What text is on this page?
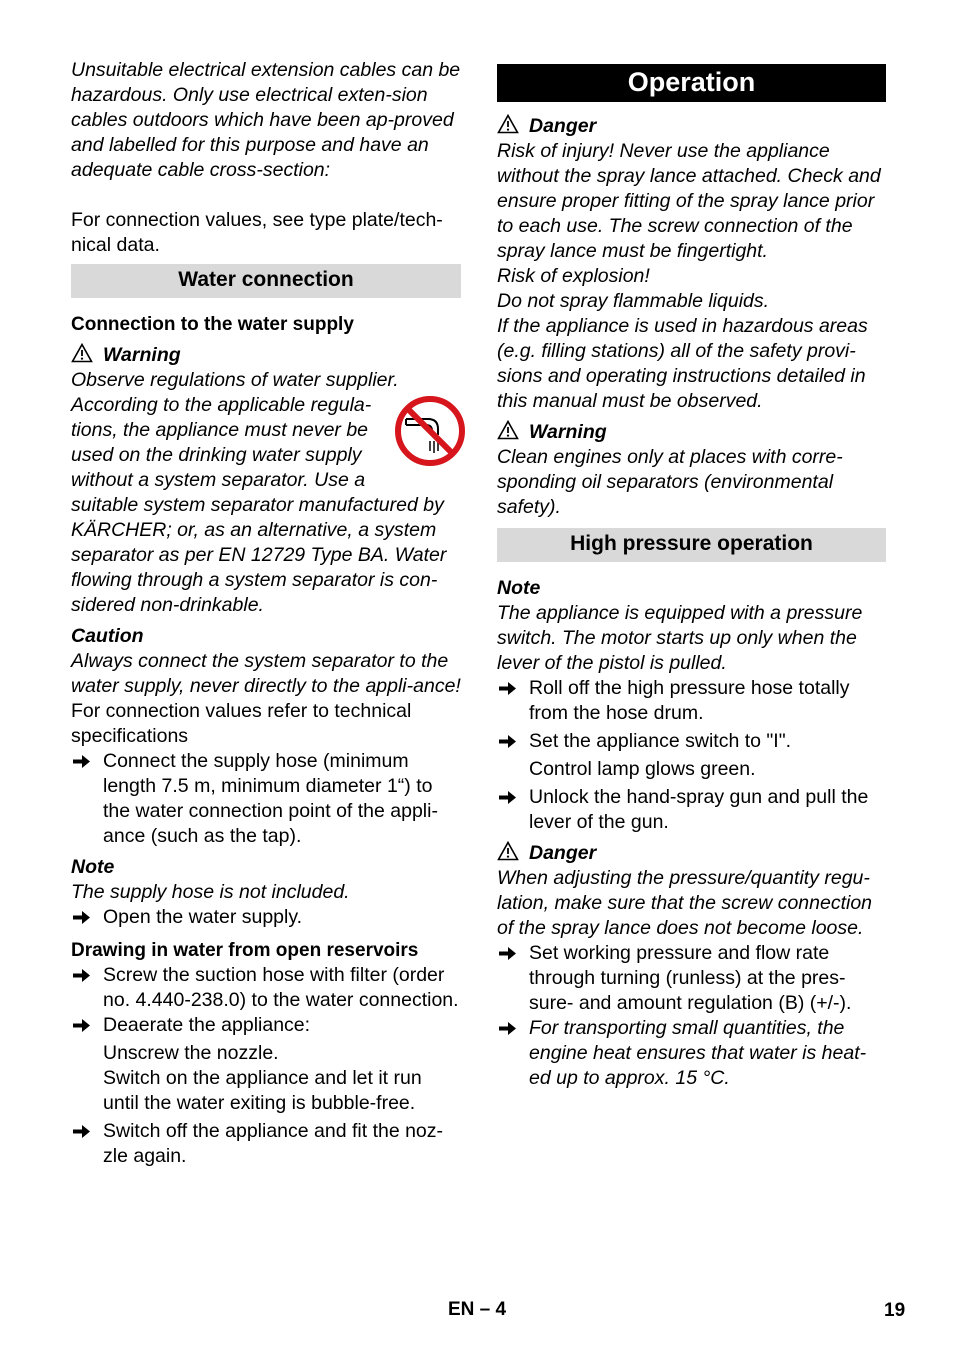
Unsuitable electrical extension cables can be hazardous. Only use electrical exten-sion cables outdoors which have been ap-proved and labelled for this purpose and have an adequate cable cross-section:

For connection values, see type plate/tech-nical data.

Water connection

Connection to the water supply

Warning

Observe regulations of water supplier.

According to the applicable regula-tions, the appliance must never be used on the drinking water supply without a system separator. Use a suitable system separator manufactured by KÄRCHER; or, as an alternative, a system separator as per EN 12729 Type BA. Water flowing through a system separator is con-sidered non-drinkable.

Caution

Always connect the system separator to the water supply, never directly to the appli-ance!

For connection values refer to technical specifications

Connect the supply hose (minimum length 7.5 m, minimum diameter 1“) to the water connection point of the appli-ance (such as the tap).

Note

The supply hose is not included.

Open the water supply.

Drawing in water from open reservoirs

Screw the suction hose with filter (order no. 4.440-238.0) to the water connection.
Deaerate the appliance:

Unscrew the nozzle.

Switch on the appliance and let it run until the water exiting is bubble-free.

Switch off the appliance and fit the noz-zle again.
Operation

Danger

Risk of injury! Never use the appliance without the spray lance attached. Check and ensure proper fitting of the spray lance prior to each use. The screw connection of the spray lance must be fingertight.

Risk of explosion!

Do not spray flammable liquids.

If the appliance is used in hazardous areas (e.g. filling stations) all of the safety provi-sions and operating instructions detailed in this manual must be observed.

Warning

Clean engines only at places with corre-sponding oil separators (environmental safety).

High pressure operation

Note

The appliance is equipped with a pressure switch. The motor starts up only when the lever of the pistol is pulled.

Roll off the high pressure hose totally from the hose drum.
Set the appliance switch to "I".

Control lamp glows green.

Unlock the hand-spray gun and pull the lever of the gun.

Danger

When adjusting the pressure/quantity regu-lation, make sure that the screw connection of the spray lance does not become loose.

Set working pressure and flow rate through turning (runless) at the pres-sure- and amount regulation (B) (+/-).
For transporting small quantities, the engine heat ensures that water is heat-ed up to approx. 15 °C.
EN – 4	19
